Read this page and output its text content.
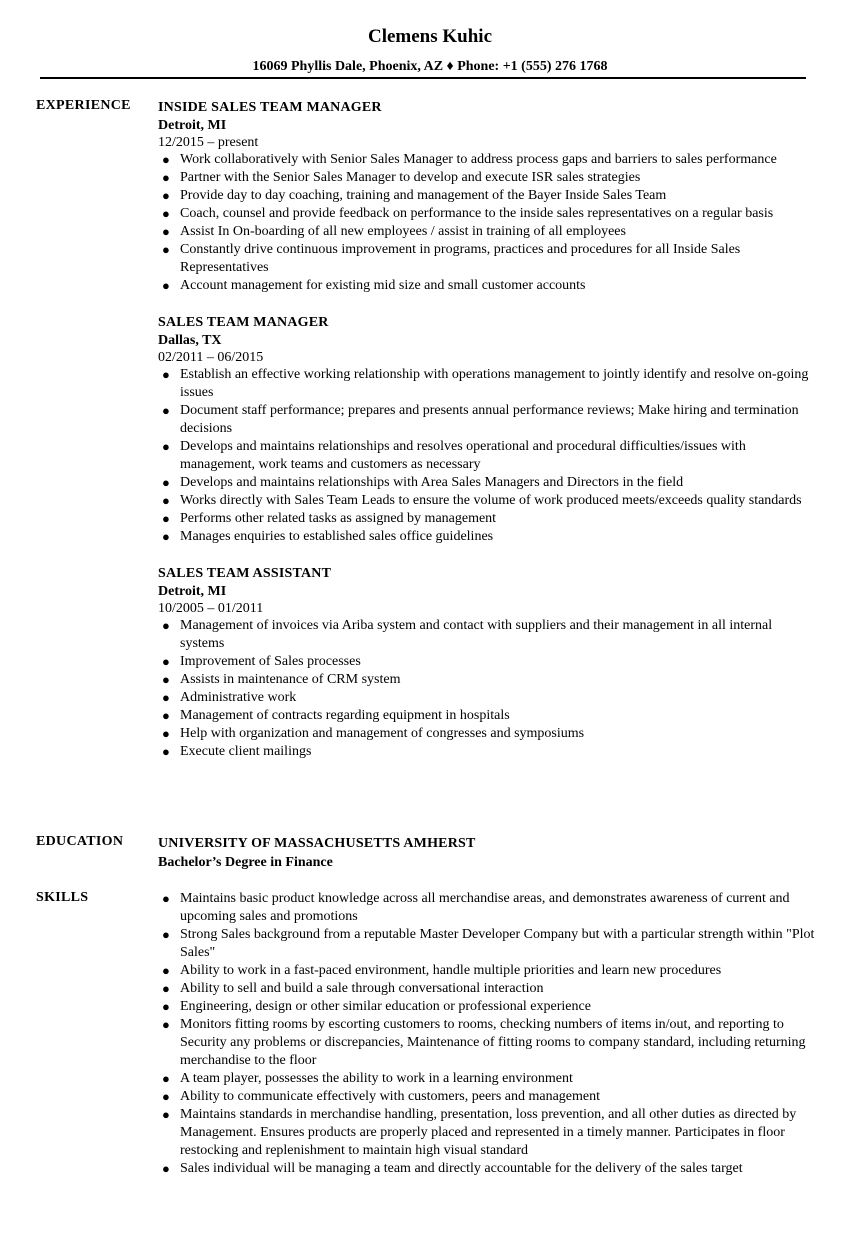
Clemens Kuhic
16069 Phyllis Dale, Phoenix, AZ ♦ Phone: +1 (555) 276 1768
EXPERIENCE INSIDE SALES TEAM MANAGER
Detroit, MI
12/2015 – present
● Work collaboratively with Senior Sales Manager to address process gaps and barriers to sales performance
● Partner with the Senior Sales Manager to develop and execute ISR sales strategies
● Provide day to day coaching, training and management of the Bayer Inside Sales Team
● Coach, counsel and provide feedback on performance to the inside sales representatives on a regular basis
● Assist In On-boarding of all new employees / assist in training of all employees
● Constantly drive continuous improvement in programs, practices and procedures for all Inside Sales Representatives
● Account management for existing mid size and small customer accounts
SALES TEAM MANAGER
Dallas, TX
02/2011 – 06/2015
● Establish an effective working relationship with operations management to jointly identify and resolve on-going issues
● Document staff performance; prepares and presents annual performance reviews; Make hiring and termination decisions
● Develops and maintains relationships and resolves operational and procedural difficulties/issues with management, work teams and customers as necessary
● Develops and maintains relationships with Area Sales Managers and Directors in the field
● Works directly with Sales Team Leads to ensure the volume of work produced meets/exceeds quality standards
● Performs other related tasks as assigned by management
● Manages enquiries to established sales office guidelines
SALES TEAM ASSISTANT
Detroit, MI
10/2005 – 01/2011
● Management of invoices via Ariba system and contact with suppliers and their management in all internal systems
● Improvement of Sales processes
● Assists in maintenance of CRM system
● Administrative work
● Management of contracts regarding equipment in hospitals
● Help with organization and management of congresses and symposiums
● Execute client mailings
EDUCATION UNIVERSITY OF MASSACHUSETTS AMHERST
Bachelor’s Degree in Finance
SKILLS	● Maintains basic product knowledge across all merchandise areas, and demonstrates awareness of current and upcoming sales and promotions
● Strong Sales background from a reputable Master Developer Company but with a particular strength within "Plot Sales"
● Ability to work in a fast-paced environment, handle multiple priorities and learn new procedures
● Ability to sell and build a sale through conversational interaction
● Engineering, design or other similar education or professional experience
● Monitors fitting rooms by escorting customers to rooms, checking numbers of items in/out, and reporting to Security any problems or discrepancies, Maintenance of fitting rooms to company standard, including returning merchandise to the floor
● A team player, possesses the ability to work in a learning environment
● Ability to communicate effectively with customers, peers and management
● Maintains standards in merchandise handling, presentation, loss prevention, and all other duties as directed by Management. Ensures products are properly placed and represented in a timely manner. Participates in floor restocking and replenishment to maintain high visual standard
● Sales individual will be managing a team and directly accountable for the delivery of the sales target
